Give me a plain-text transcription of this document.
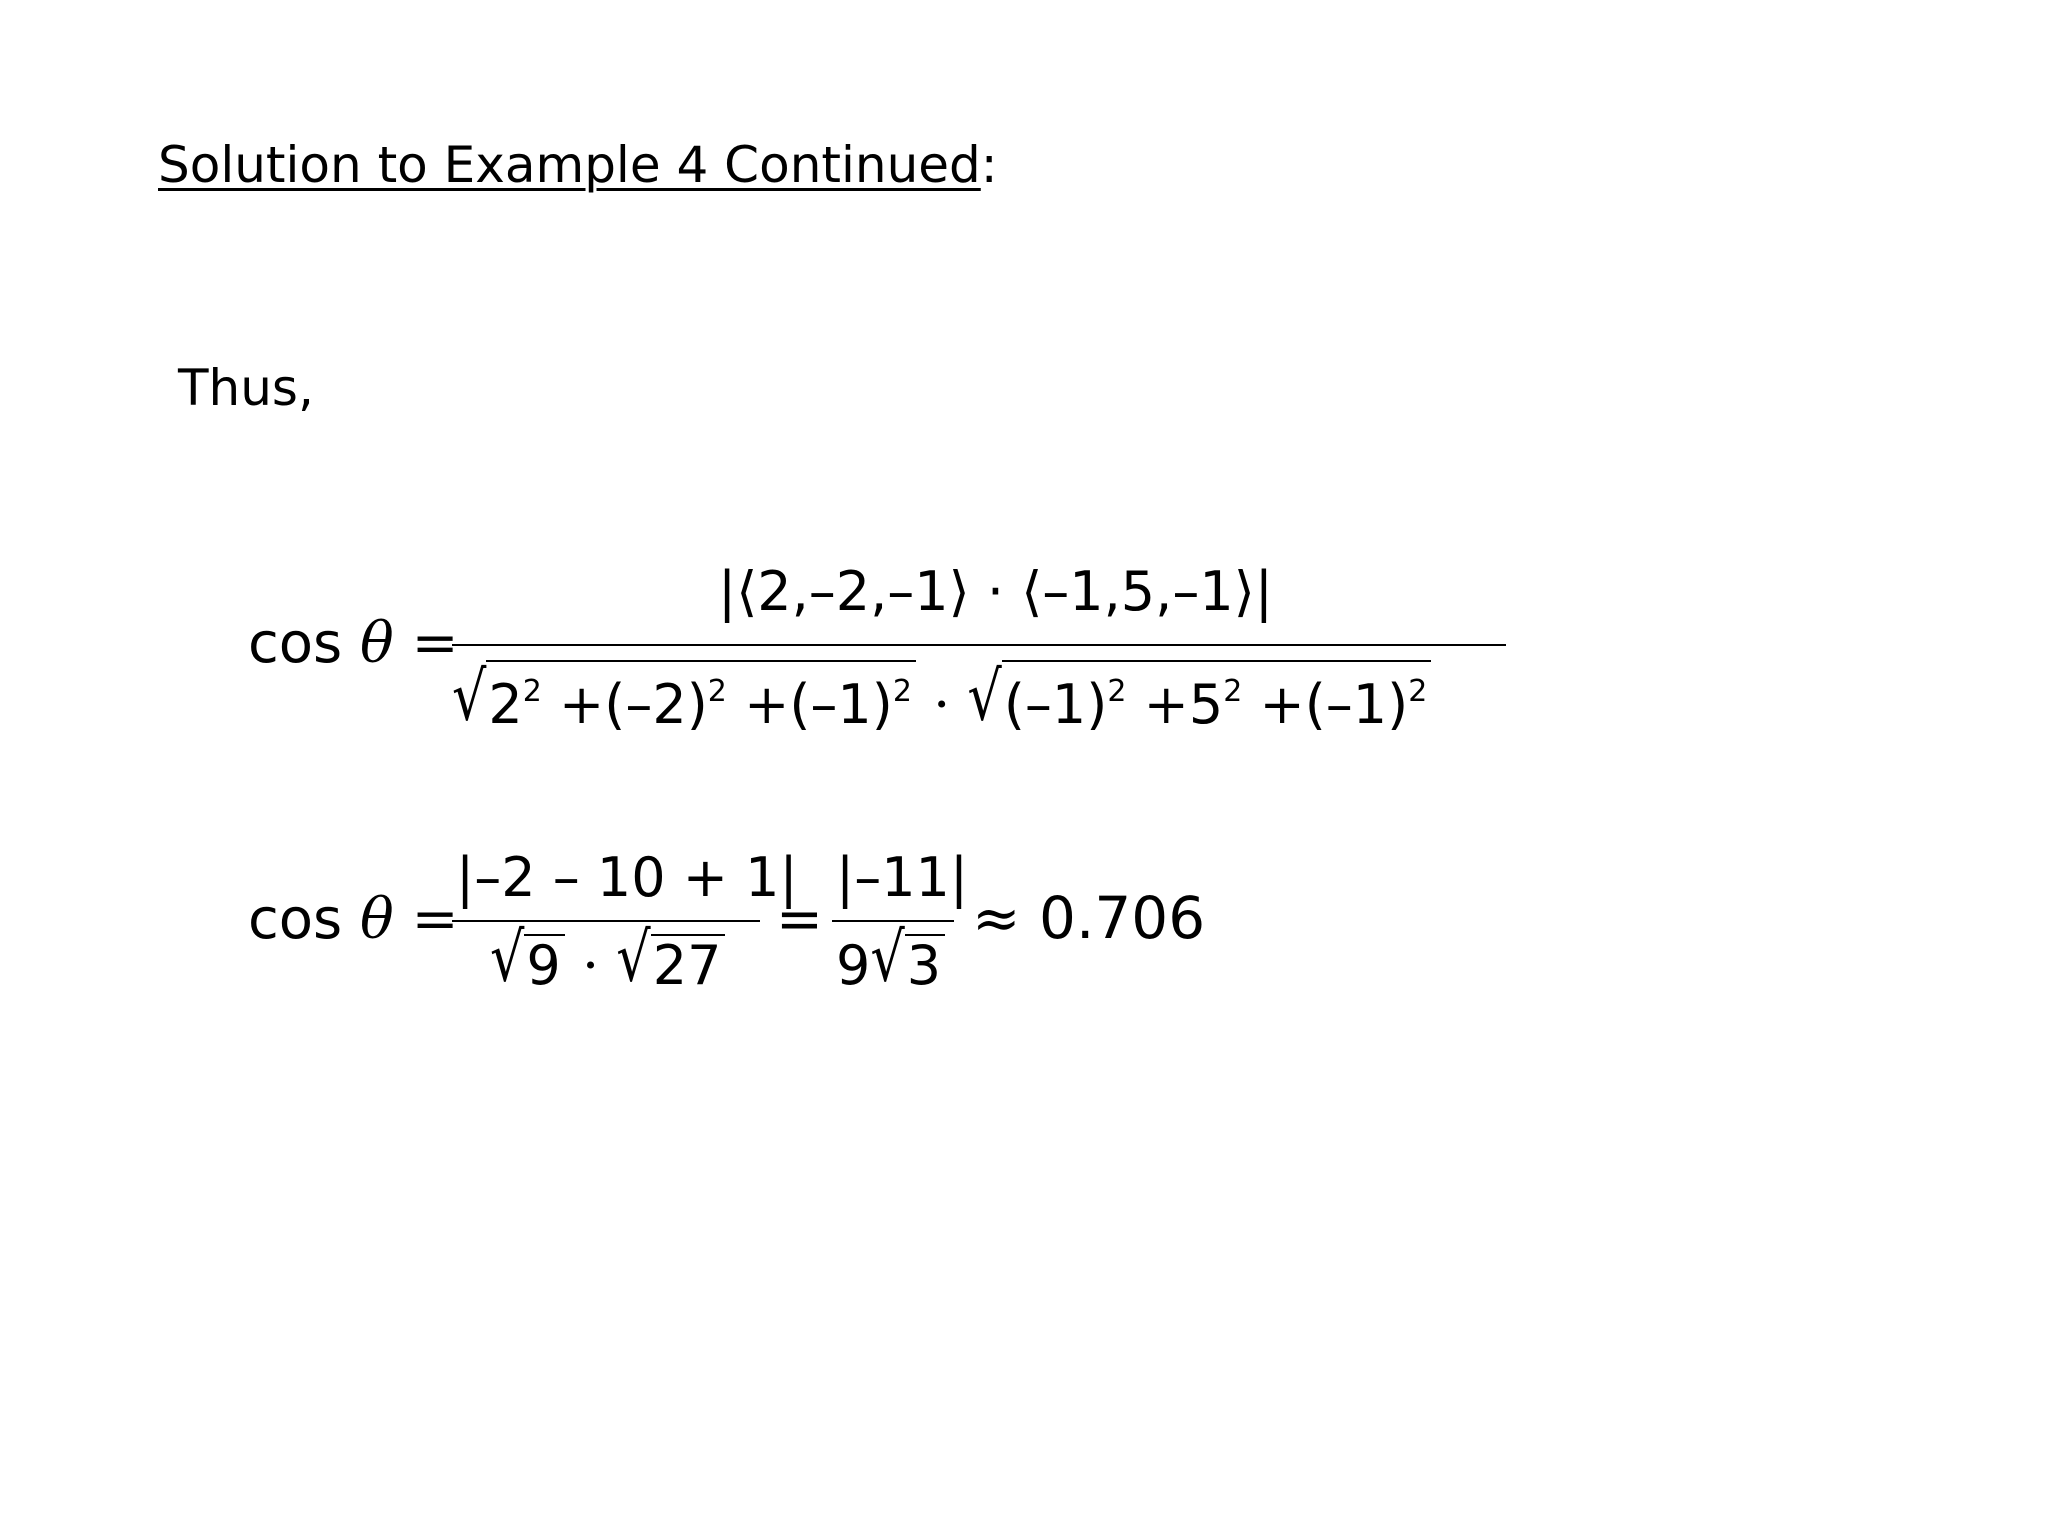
Solution to Example 4 Continued:
Thus,
cos θ =
|⟨2,–2,–1⟩ · ⟨–1,5,–1⟩|
$√2^2 +(-2)^2 +(-1)^2 \cdot √(-1)^2 +5^2 +(-1)^2$
cos θ =
|–2 – 10 + 1|
√9 · √27
=
|–11|
9√3
≈ 0.706
